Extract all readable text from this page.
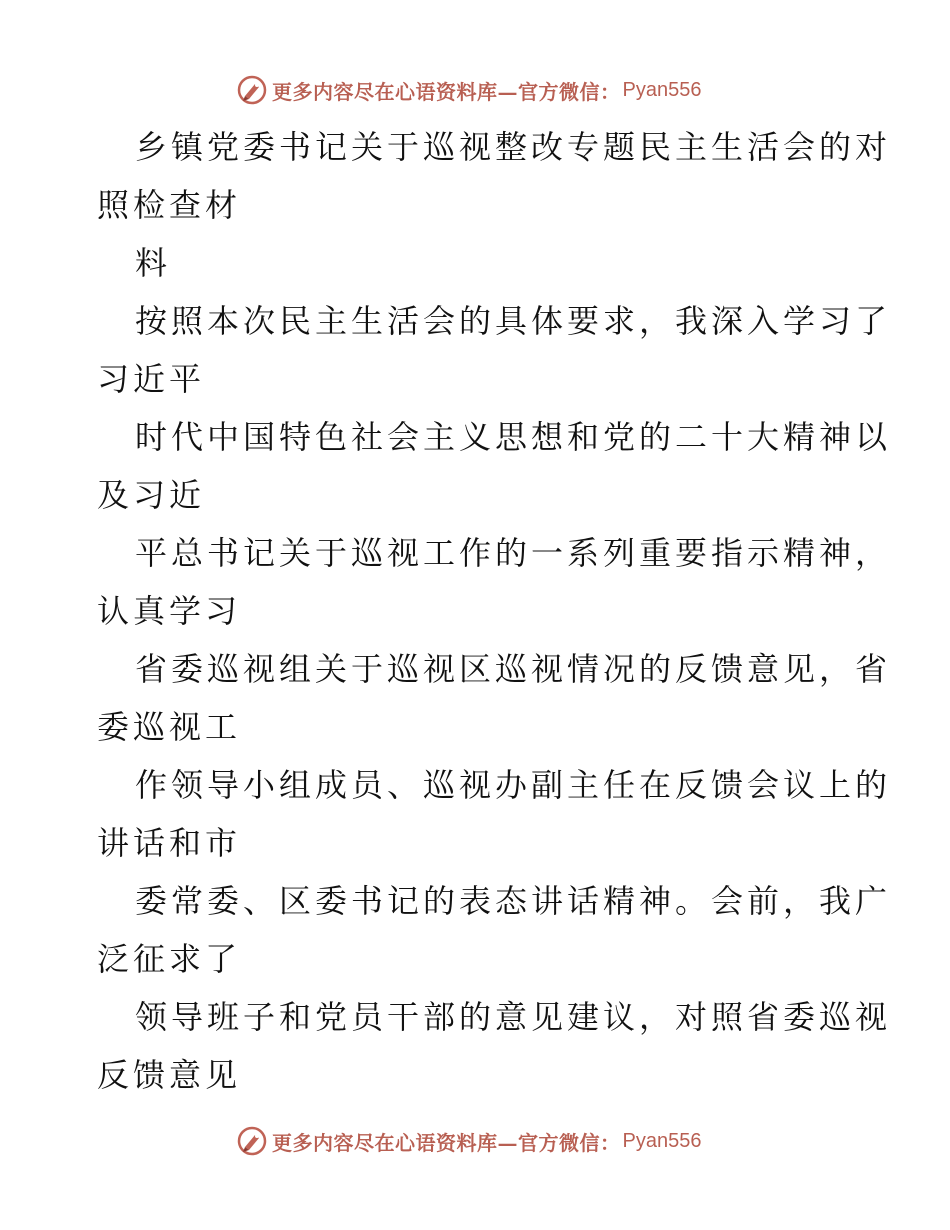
更多内容尽在心语资料库—官方微信： Pyan556
乡镇党委书记关于巡视整改专题民主生活会的对
照检查材
料
按照本次民主生活会的具体要求，我深入学习了
习近平
时代中国特色社会主义思想和党的二十大精神以
及习近
平总书记关于巡视工作的一系列重要指示精神，
认真学习
省委巡视组关于巡视区巡视情况的反馈意见，省
委巡视工
作领导小组成员、巡视办副主任在反馈会议上的
讲话和市
委常委、区委书记的表态讲话精神。会前，我广
泛征求了
领导班子和党员干部的意见建议，对照省委巡视
反馈意见
更多内容尽在心语资料库—官方微信： Pyan556
